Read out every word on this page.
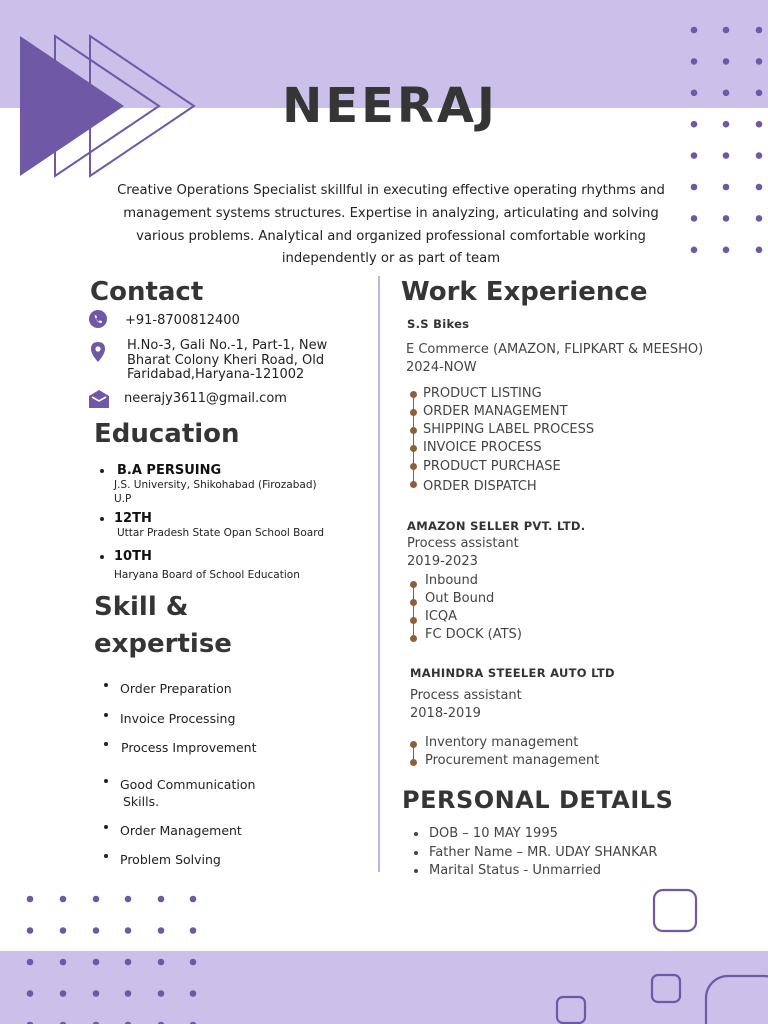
NEERAJ
Creative Operations Specialist skillful in executing effective operating rhythms and management systems structures. Expertise in analyzing, articulating and solving various problems. Analytical and organized professional comfortable working independently or as part of team
Contact
+91-8700812400
H.No-3, Gali No.-1, Part-1, New
Bharat Colony Kheri Road, Old
Faridabad,Haryana-121002
neerajy3611@gmail.com
Education
B.A PERSUING
J.S. University, Shikohabad (Firozabad)
U.P
12TH
Uttar Pradesh State Opan School Board
10TH
Haryana Board of School Education
Skill &
expertise
Order Preparation
Invoice Processing
Process Improvement
Good Communication
Skills.
Order Management
Problem Solving
Work Experience
S.S Bikes
E Commerce (AMAZON, FLIPKART & MEESHO)
2024-NOW
PRODUCT LISTING
ORDER MANAGEMENT
SHIPPING LABEL PROCESS
INVOICE PROCESS
PRODUCT PURCHASE
ORDER DISPATCH
AMAZON SELLER PVT. LTD.
Process assistant
2019-2023
Inbound
Out Bound
ICQA
FC DOCK (ATS)
MAHINDRA STEELER AUTO LTD
Process assistant
2018-2019
Inventory management
Procurement management
PERSONAL DETAILS
DOB – 10 MAY 1995
Father Name – MR. UDAY SHANKAR
Marital Status - Unmarried
